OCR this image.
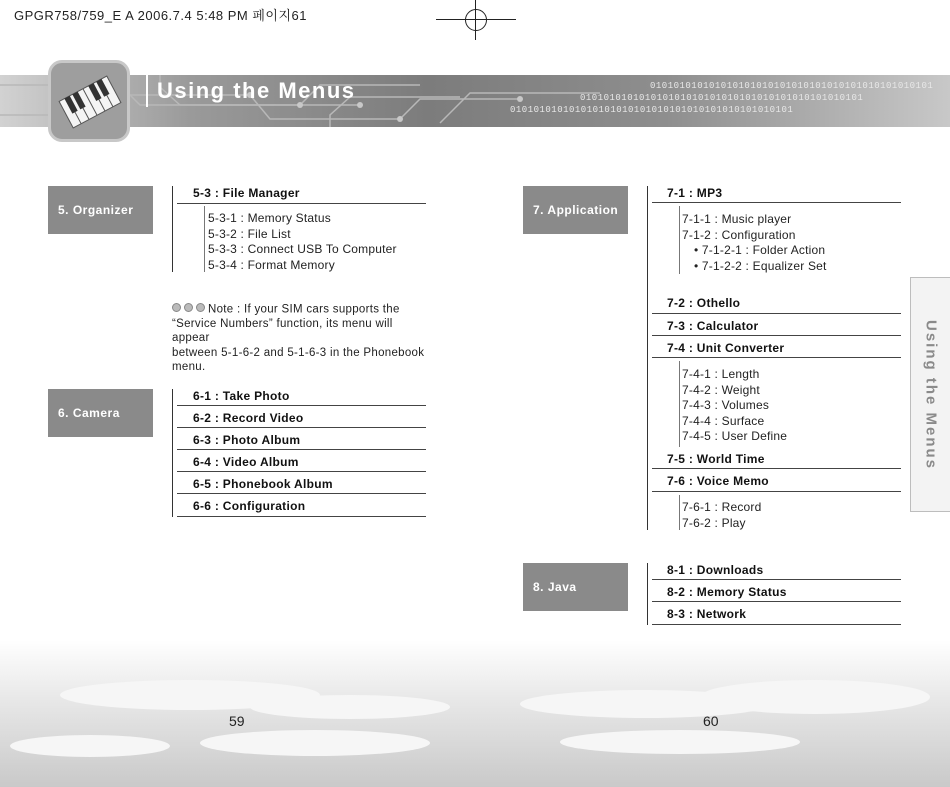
GPGR758/759_E A 2006.7.4 5:48 PM 페이지61
010101010101010101010101010101010101010101010101
010101010101010101010101010101010101010101010101
010101010101010101010101010101010101010101010101
Using the Menus
Using the Menus
5. Organizer
5-3 : File Manager
5-3-1 : Memory Status
5-3-2 : File List
5-3-3 : Connect USB To Computer
5-3-4 : Format Memory
Note : If your SIM cars supports the
“Service Numbers” function, its menu will appear
between 5-1-6-2 and 5-1-6-3 in the Phonebook
menu.
6. Camera
6-1 : Take Photo
6-2 : Record Video
6-3 : Photo Album
6-4 : Video Album
6-5 : Phonebook Album
6-6 : Configuration
7. Application
7-1 : MP3
7-1-1 : Music player
7-1-2 : Configuration
• 7-1-2-1 : Folder Action
• 7-1-2-2 : Equalizer Set
7-2 : Othello
7-3 : Calculator
7-4 : Unit Converter
7-4-1 : Length
7-4-2 : Weight
7-4-3 : Volumes
7-4-4 : Surface
7-4-5 : User Define
7-5 : World Time
7-6 : Voice Memo
7-6-1 : Record
7-6-2 : Play
8. Java
8-1 : Downloads
8-2 : Memory Status
8-3 : Network
59	60
